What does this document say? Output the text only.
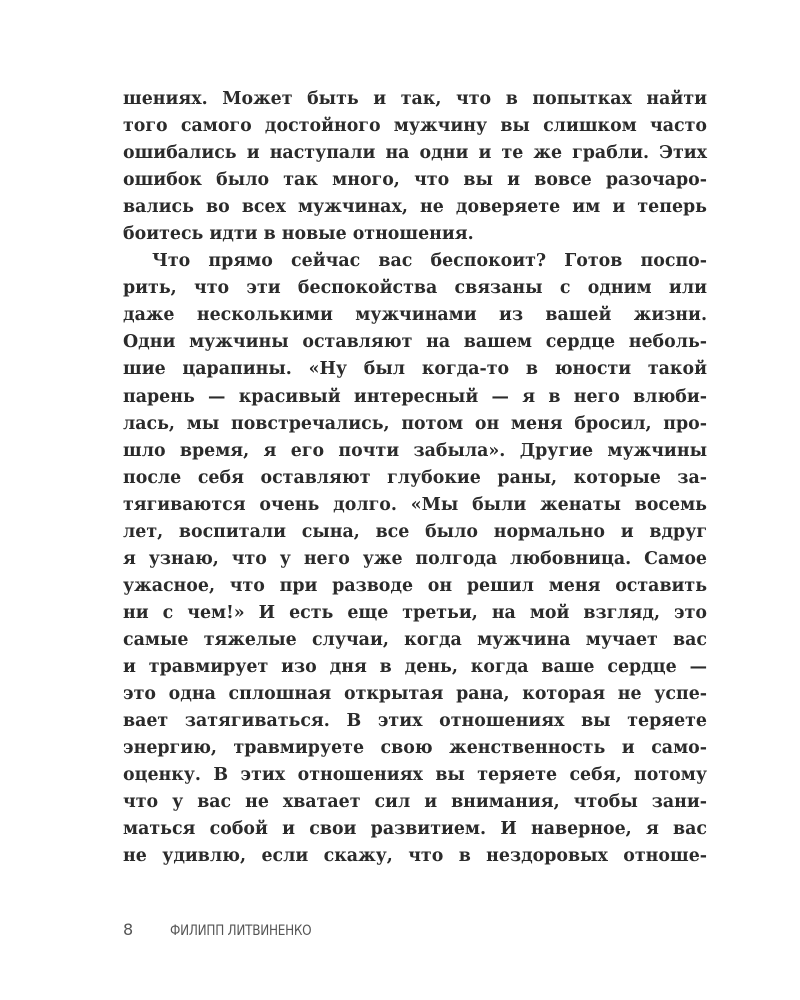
шениях. Может быть и так, что в попытках найти
того самого достойного мужчину вы слишком часто
ошибались и наступали на одни и те же грабли. Этих
ошибок было так много, что вы и вовсе разочаро-
вались во всех мужчинах, не доверяете им и теперь
боитесь идти в новые отношения.
Что прямо сейчас вас беспокоит? Готов поспо-
рить, что эти беспокойства связаны с одним или
даже несколькими мужчинами из вашей жизни.
Одни мужчины оставляют на вашем сердце неболь-
шие царапины. «Ну был когда-то в юности такой
парень — красивый интересный — я в него влюби-
лась, мы повстречались, потом он меня бросил, про-
шло время, я его почти забыла». Другие мужчины
после себя оставляют глубокие раны, которые за-
тягиваются очень долго. «Мы были женаты восемь
лет, воспитали сына, все было нормально и вдруг
я узнаю, что у него уже полгода любовница. Самое
ужасное, что при разводе он решил меня оставить
ни с чем!» И есть еще третьи, на мой взгляд, это
самые тяжелые случаи, когда мужчина мучает вас
и травмирует изо дня в день, когда ваше сердце —
это одна сплошная открытая рана, которая не успе-
вает затягиваться. В этих отношениях вы теряете
энергию, травмируете свою женственность и само-
оценку. В этих отношениях вы теряете себя, потому
что у вас не хватает сил и внимания, чтобы зани-
маться собой и свои развитием. И наверное, я вас
не удивлю, если скажу, что в нездоровых отноше-
8	ФИЛИПП ЛИТВИНЕНКО
